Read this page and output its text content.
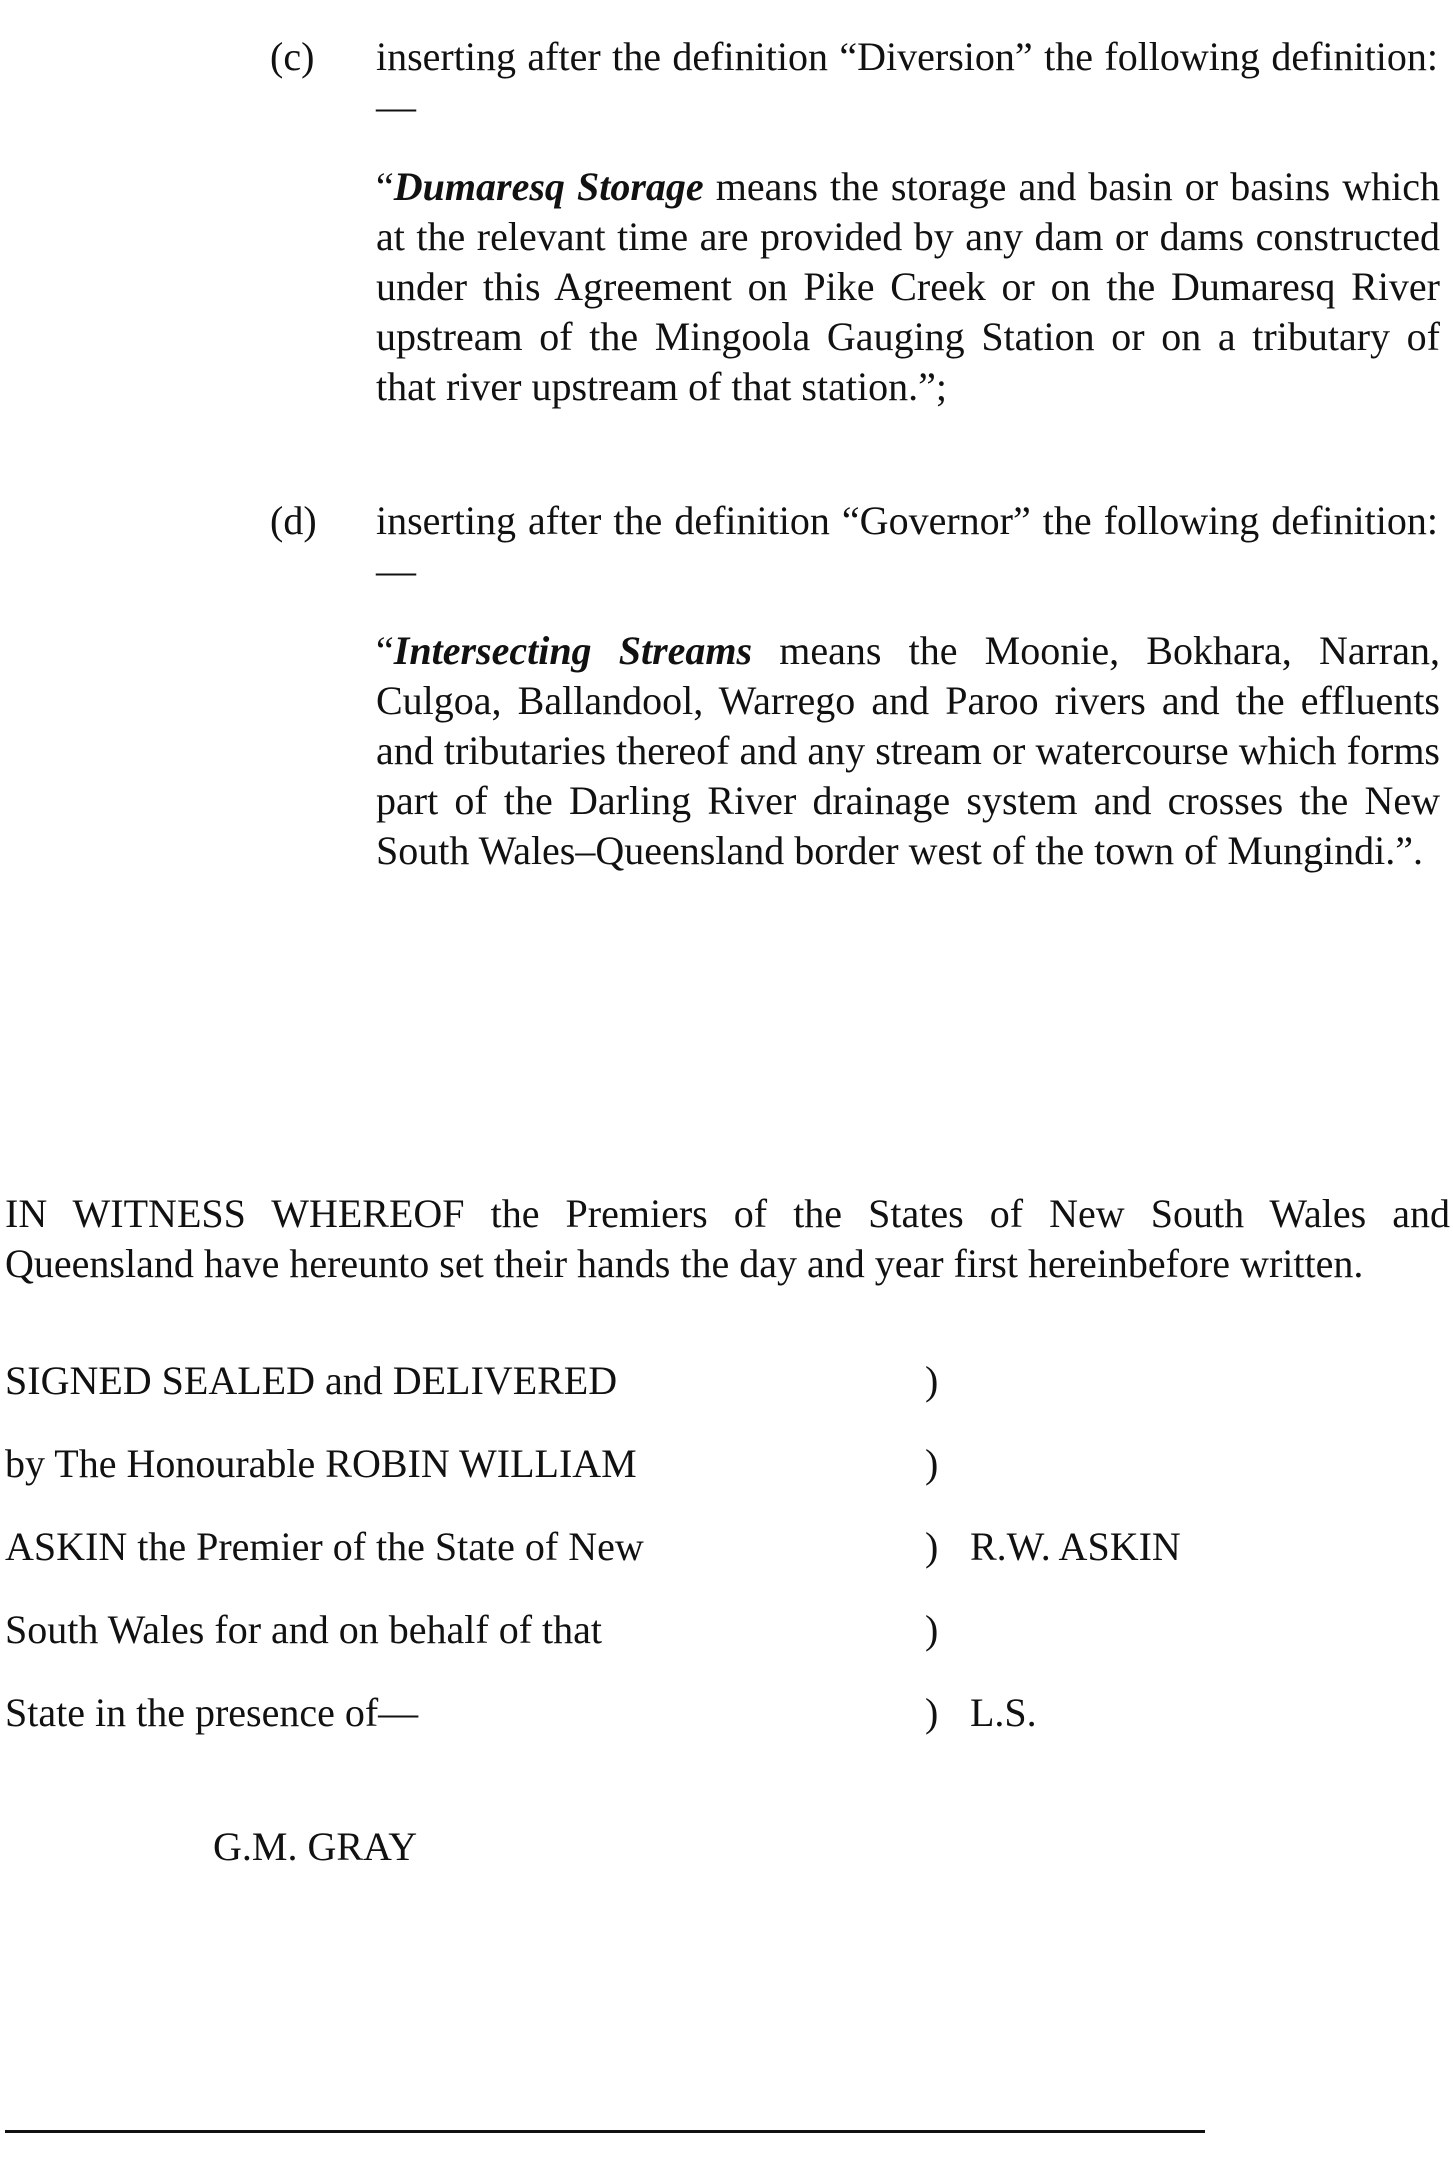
(c) inserting after the definition “Diversion” the following definition:—
“Dumaresq Storage means the storage and basin or basins which at the relevant time are provided by any dam or dams constructed under this Agreement on Pike Creek or on the Dumaresq River upstream of the Mingoola Gauging Station or on a tributary of that river upstream of that station.”;
(d) inserting after the definition “Governor” the following definition:—
“Intersecting Streams means the Moonie, Bokhara, Narran, Culgoa, Ballandool, Warrego and Paroo rivers and the effluents and tributaries thereof and any stream or watercourse which forms part of the Darling River drainage system and crosses the New South Wales–Queensland border west of the town of Mungindi.”.
IN WITNESS WHEREOF the Premiers of the States of New South Wales and Queensland have hereunto set their hands the day and year first hereinbefore written.
SIGNED SEALED and DELIVERED	)
by The Honourable ROBIN WILLIAM	)
ASKIN the Premier of the State of New	) R.W. ASKIN
South Wales for and on behalf of that	)
State in the presence of—	) L.S.
G.M. GRAY
